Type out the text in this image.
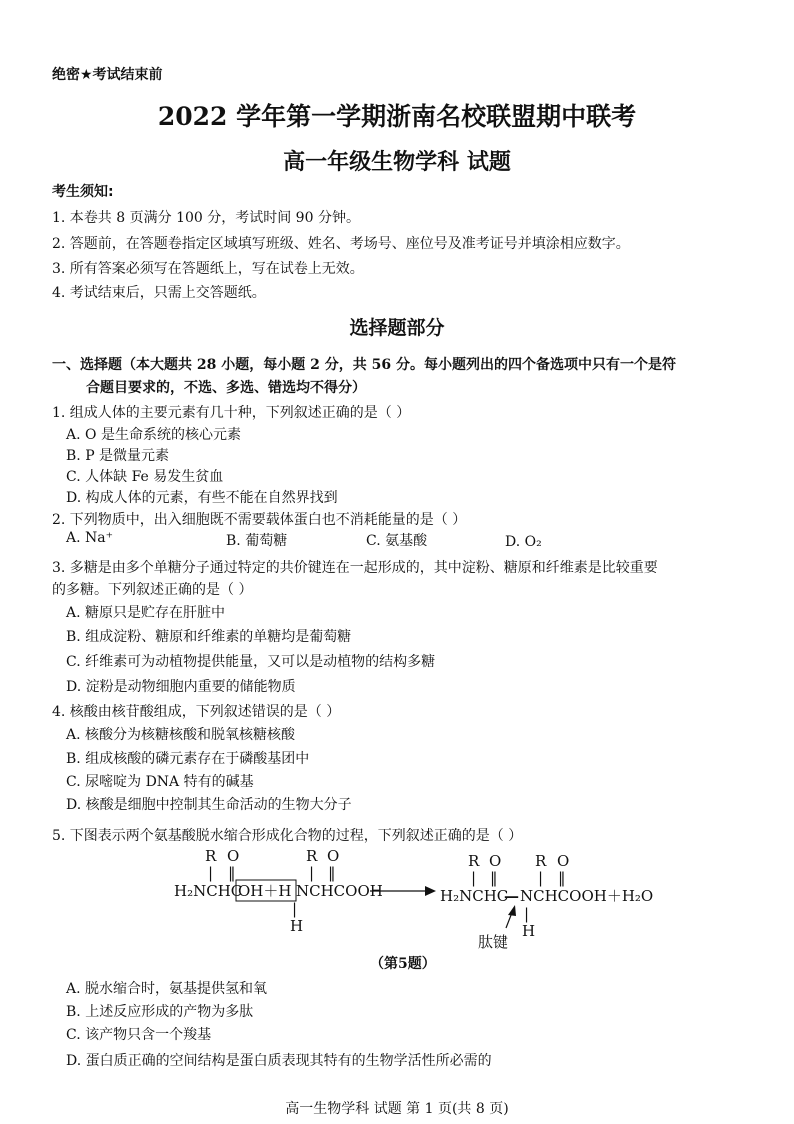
绝密★考试结束前
2022 学年第一学期浙南名校联盟期中联考
高一年级生物学科 试题
考生须知:
1. 本卷共 8 页满分 100 分，考试时间 90 分钟。
2. 答题前，在答题卷指定区域填写班级、姓名、考场号、座位号及准考证号并填涂相应数字。
3. 所有答案必须写在答题纸上，写在试卷上无效。
4. 考试结束后，只需上交答题纸。
选择题部分
一、选择题（本大题共 28 小题，每小题 2 分，共 56 分。每小题列出的四个备选项中只有一个是符
合题目要求的，不选、多选、错选均不得分）
1. 组成人体的主要元素有几十种，下列叙述正确的是（ ）
A. O 是生命系统的核心元素
B. P 是微量元素
C. 人体缺 Fe 易发生贫血
D. 构成人体的元素，有些不能在自然界找到
2. 下列物质中，出入细胞既不需要载体蛋白也不消耗能量的是（ ）
A. Na⁺	B. 葡萄糖	C. 氨基酸	D. O₂
3. 多糖是由多个单糖分子通过特定的共价键连在一起形成的，其中淀粉、糖原和纤维素是比较重要
的多糖。下列叙述正确的是（ ）
A. 糖原只是贮存在肝脏中
B. 组成淀粉、糖原和纤维素的单糖均是葡萄糖
C. 纤维素可为动植物提供能量，又可以是动植物的结构多糖
D. 淀粉是动物细胞内重要的储能物质
4. 核酸由核苷酸组成，下列叙述错误的是（ ）
A. 核酸分为核糖核酸和脱氧核糖核酸
B. 组成核酸的磷元素存在于磷酸基团中
C. 尿嘧啶为 DNA 特有的碱基
D. 核酸是细胞中控制其生命活动的生物大分子
5. 下图表示两个氨基酸脱水缩合形成化合物的过程，下列叙述正确的是（ ）
R O
| ‖
H₂NCHC
OH＋H NCHCOOH
R O
| ‖
|
H
R O
| ‖
H₂NCHC
— NCHCOOH＋H₂O
R O
| ‖
|
H
肽键
（第5题）
A. 脱水缩合时，氨基提供氢和氧
B. 上述反应形成的产物为多肽
C. 该产物只含一个羧基
D. 蛋白质正确的空间结构是蛋白质表现其特有的生物学活性所必需的
高一生物学科 试题 第 1 页(共 8 页)
